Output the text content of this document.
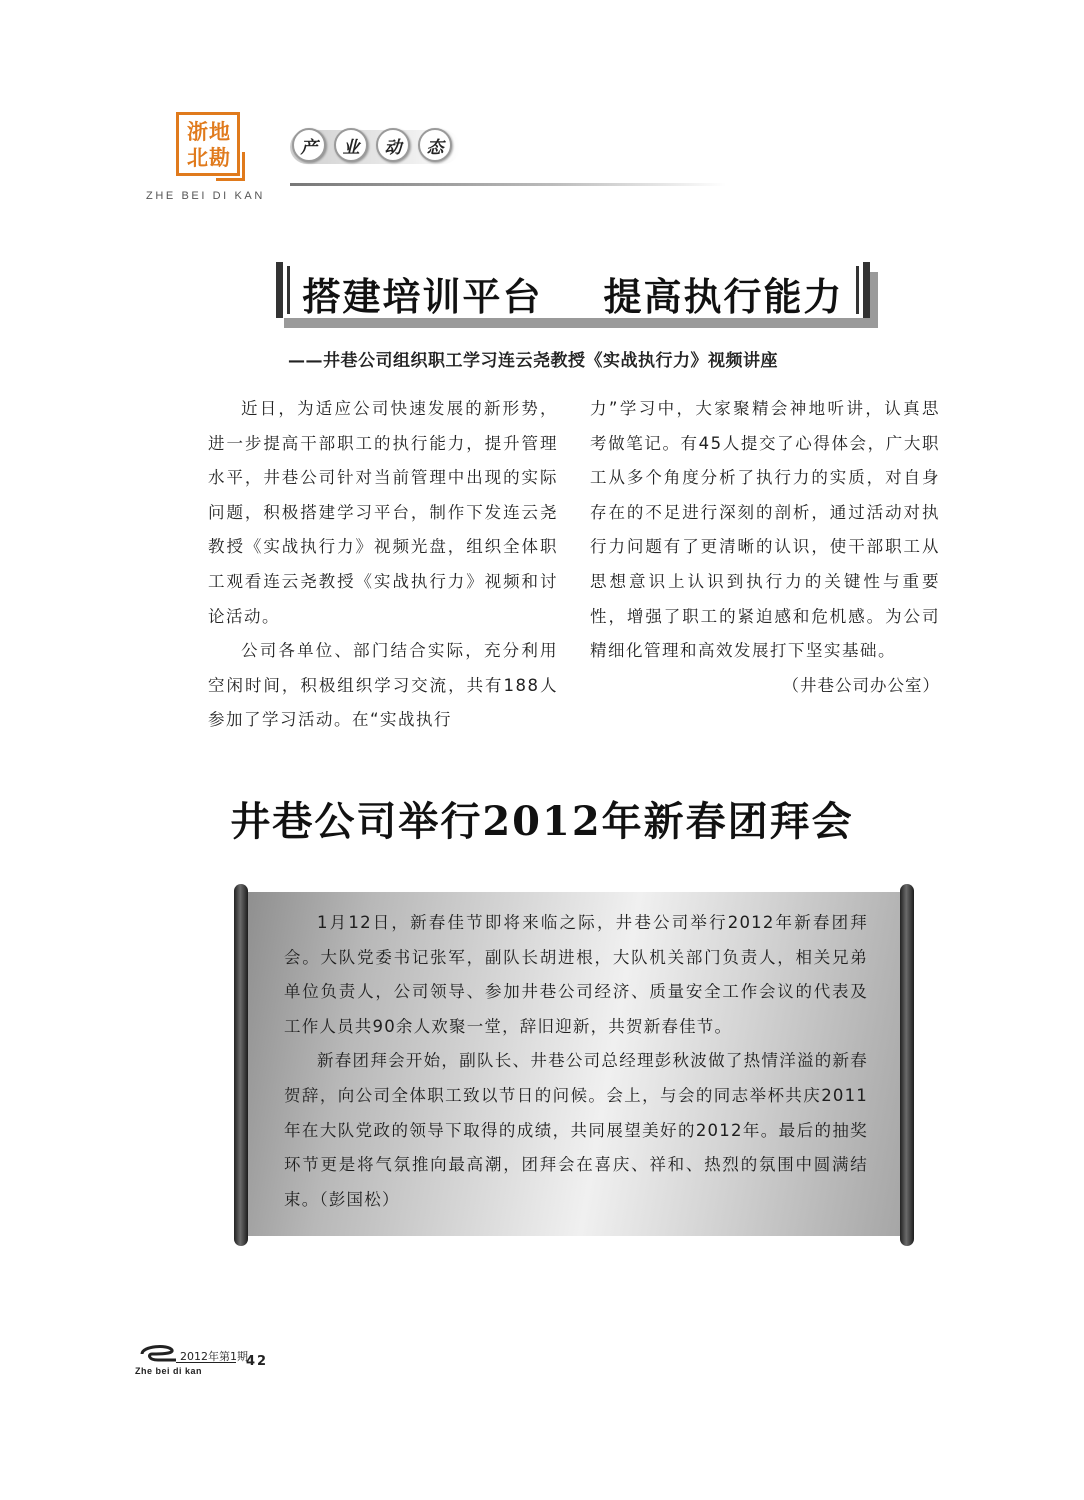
浙地
北勘
ZHE BEI DI KAN
产	业	动	态
搭建培训平台    提高执行能力
——井巷公司组织职工学习连云尧教授《实战执行力》视频讲座

近日，为适应公司快速发展的新形势，进一步提高干部职工的执行能力，提升管理水平，井巷公司针对当前管理中出现的实际问题，积极搭建学习平台，制作下发连云尧教授《实战执行力》视频光盘，组织全体职工观看连云尧教授《实战执行力》视频和讨论活动。

公司各单位、部门结合实际，充分利用空闲时间，积极组织学习交流，共有188人参加了学习活动。在“实战执行

力”学习中，大家聚精会神地听讲，认真思考做笔记。有45人提交了心得体会，广大职工从多个角度分析了执行力的实质，对自身存在的不足进行深刻的剖析，通过活动对执行力问题有了更清晰的认识，使干部职工从思想意识上认识到执行力的关键性与重要性，增强了职工的紧迫感和危机感。为公司精细化管理和高效发展打下坚实基础。

（井巷公司办公室）

井巷公司举行2012年新春团拜会

1月12日，新春佳节即将来临之际，井巷公司举行2012年新春团拜会。大队党委书记张军，副队长胡进根，大队机关部门负责人，相关兄弟单位负责人，公司领导、参加井巷公司经济、质量安全工作会议的代表及工作人员共90余人欢聚一堂，辞旧迎新，共贺新春佳节。

新春团拜会开始，副队长、井巷公司总经理彭秋波做了热情洋溢的新春贺辞，向公司全体职工致以节日的问候。会上，与会的同志举杯共庆2011年在大队党政的领导下取得的成绩，共同展望美好的2012年。最后的抽奖环节更是将气氛推向最高潮，团拜会在喜庆、祥和、热烈的氛围中圆满结束。（彭国松）

2012年第1期
42
Zhe bei di kan
